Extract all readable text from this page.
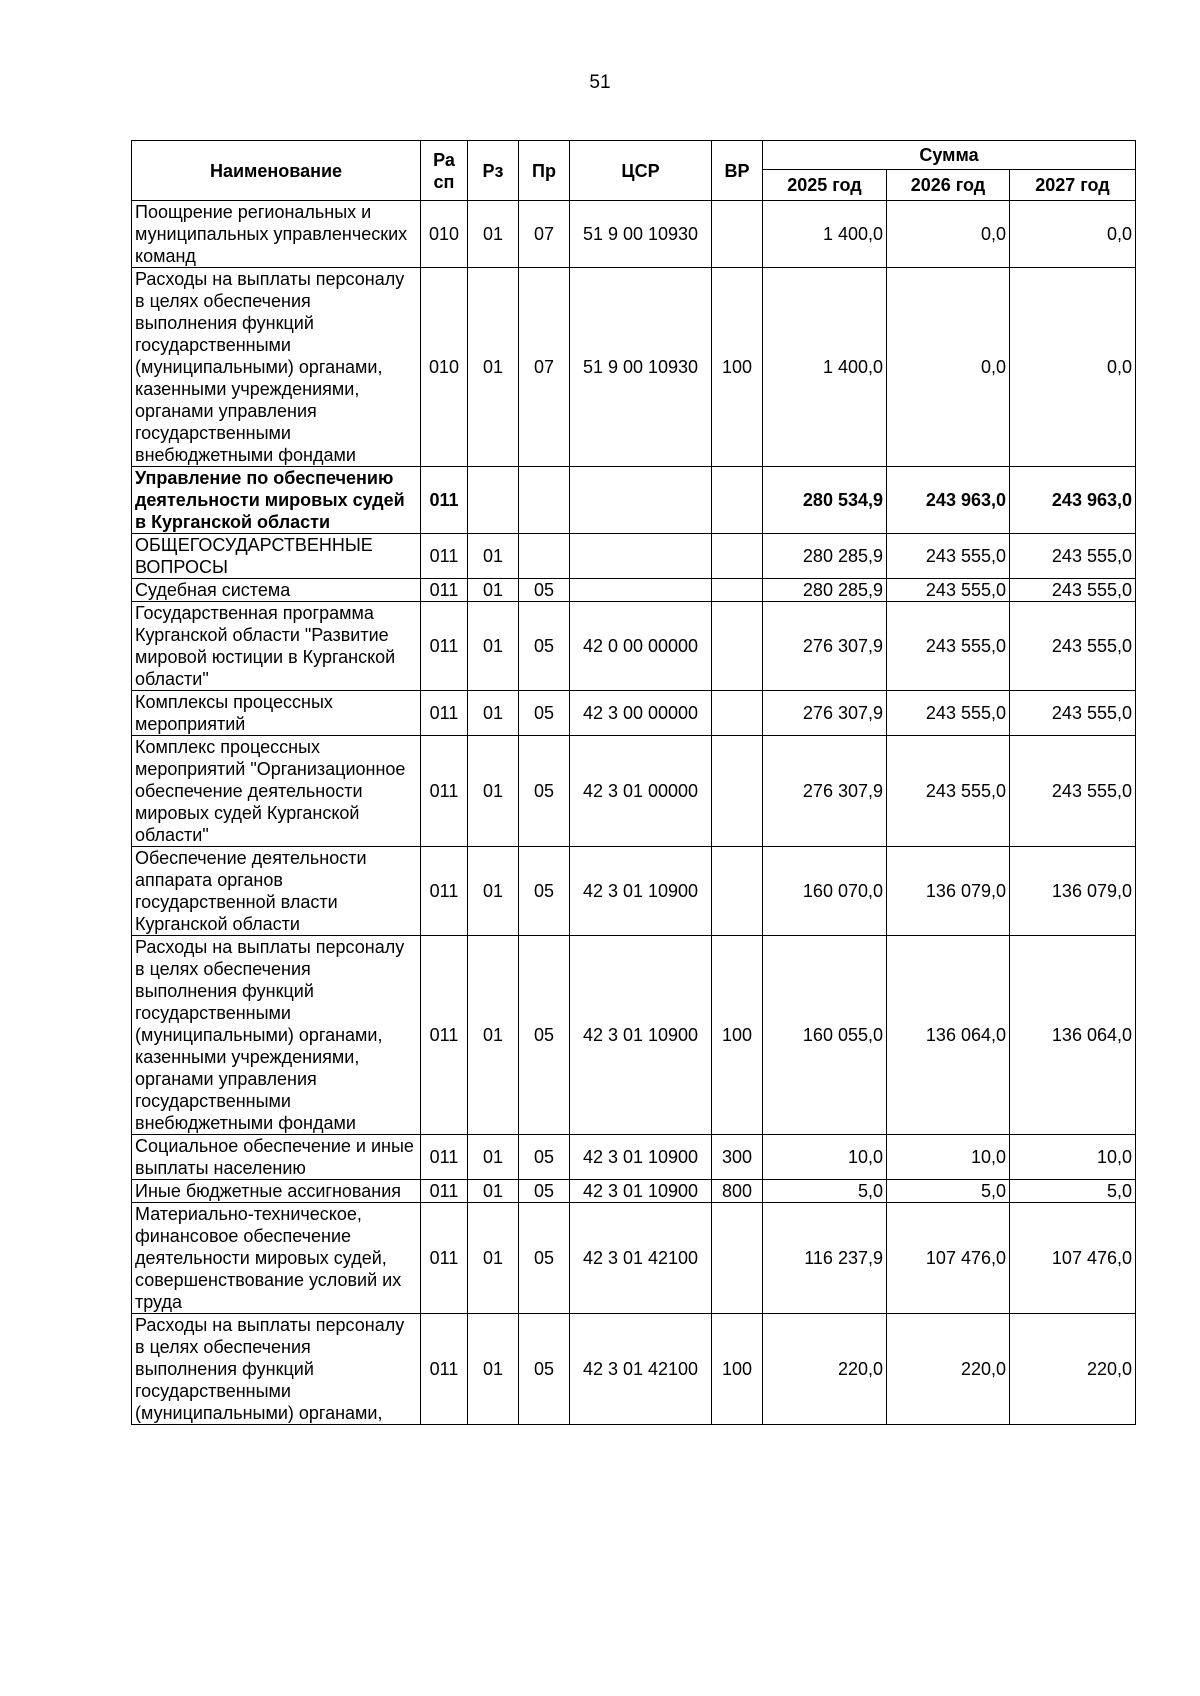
51
Наименование	Ра сп	Рз	Пр	ЦСР	ВР	Сумма		
						2025 год	2026 год	2027 год
Поощрение региональных и муниципальных управленческих команд	010	01	07	51 9 00 10930		1 400,0	0,0	0,0
Расходы на выплаты персоналу в целях обеспечения выполнения функций государственными (муниципальными) органами, казенными учреждениями, органами управления государственными внебюджетными фондами	010	01	07	51 9 00 10930	100	1 400,0	0,0	0,0
Управление по обеспечению деятельности мировых судей в Курганской области	011					280 534,9	243 963,0	243 963,0
ОБЩЕГОСУДАРСТВЕННЫЕ ВОПРОСЫ	011	01				280 285,9	243 555,0	243 555,0
Судебная система	011	01	05			280 285,9	243 555,0	243 555,0
Государственная программа Курганской области "Развитие мировой юстиции в Курганской области"	011	01	05	42 0 00 00000		276 307,9	243 555,0	243 555,0
Комплексы процессных мероприятий	011	01	05	42 3 00 00000		276 307,9	243 555,0	243 555,0
Комплекс процессных мероприятий "Организационное обеспечение деятельности мировых судей Курганской области"	011	01	05	42 3 01 00000		276 307,9	243 555,0	243 555,0
Обеспечение деятельности аппарата органов государственной власти Курганской области	011	01	05	42 3 01 10900		160 070,0	136 079,0	136 079,0
Расходы на выплаты персоналу в целях обеспечения выполнения функций государственными (муниципальными) органами, казенными учреждениями, органами управления государственными внебюджетными фондами	011	01	05	42 3 01 10900	100	160 055,0	136 064,0	136 064,0
Социальное обеспечение и иные выплаты населению	011	01	05	42 3 01 10900	300	10,0	10,0	10,0
Иные бюджетные ассигнования	011	01	05	42 3 01 10900	800	5,0	5,0	5,0
Материально-техническое, финансовое обеспечение деятельности мировых судей, совершенствование условий их труда	011	01	05	42 3 01 42100		116 237,9	107 476,0	107 476,0
Расходы на выплаты персоналу в целях обеспечения выполнения функций государственными (муниципальными) органами,	011	01	05	42 3 01 42100	100	220,0	220,0	220,0
